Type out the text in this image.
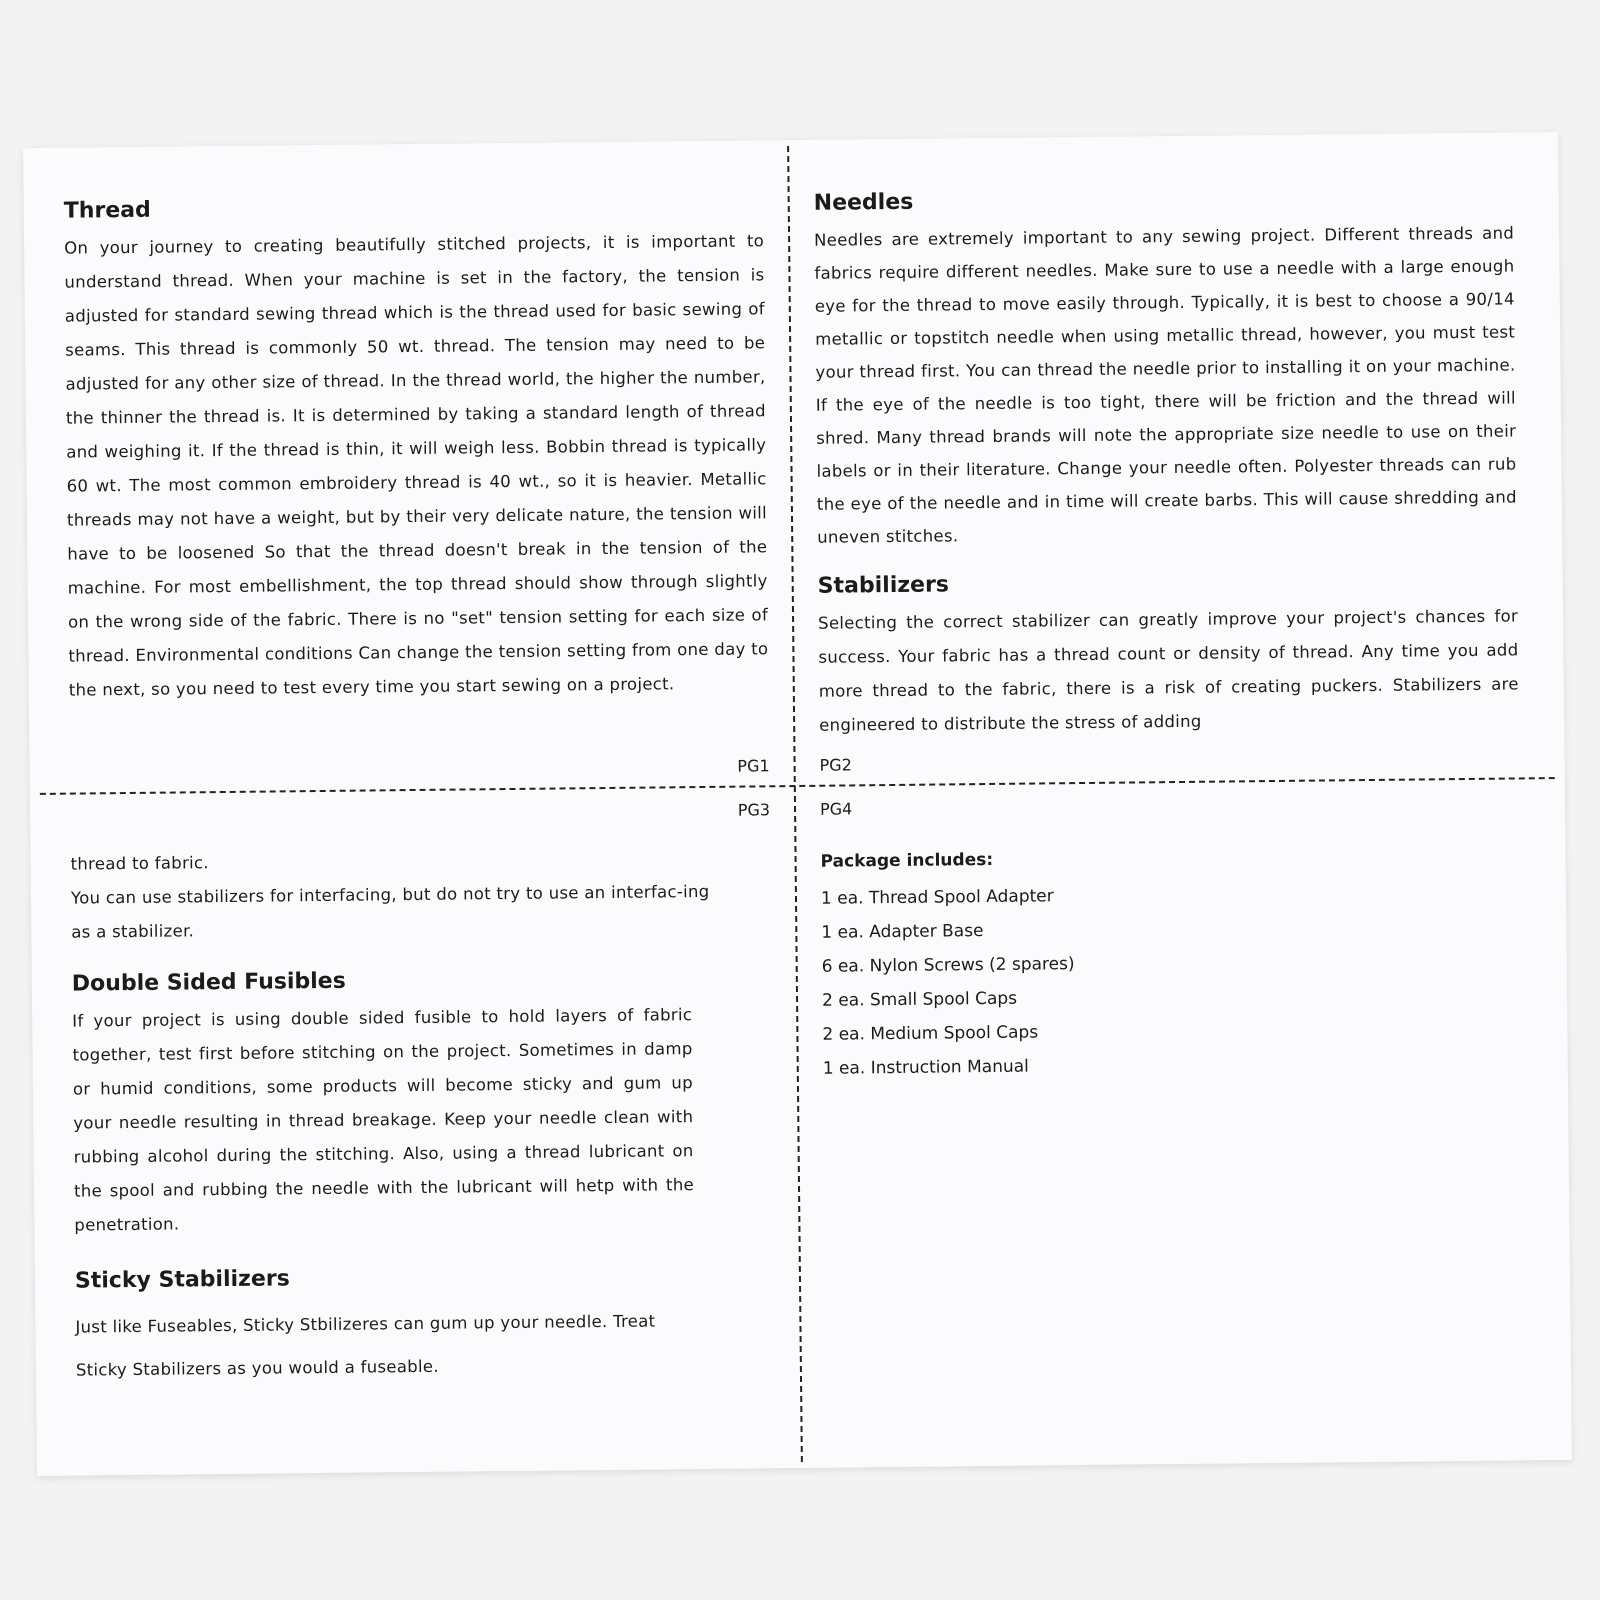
Thread

On your journey to creating beautifully stitched projects, it is important to understand thread. When your machine is set in the factory, the tension is adjusted for standard sewing thread which is the thread used for basic sewing of seams. This thread is commonly 50 wt. thread. The tension may need to be adjusted for any other size of thread. In the thread world, the higher the number, the thinner the thread is. It is determined by taking a standard length of thread and weighing it. If the thread is thin, it will weigh less. Bobbin thread is typically 60 wt. The most common embroidery thread is 40 wt., so it is heavier. Metallic threads may not have a weight, but by their very delicate nature, the tension will have to be loosened So that the thread doesn't break in the tension of the machine. For most embellishment, the top thread should show through slightly on the wrong side of the fabric. There is no "set" tension setting for each size of thread. Environmental conditions Can change the tension setting from one day to the next, so you need to test every time you start sewing on a project.

PG1
Needles

Needles are extremely important to any sewing project. Different threads and fabrics require different needles. Make sure to use a needle with a large enough eye for the thread to move easily through. Typically, it is best to choose a 90/14 metallic or topstitch needle when using metallic thread, however, you must test your thread first. You can thread the needle prior to installing it on your machine. If the eye of the needle is too tight, there will be friction and the thread will shred. Many thread brands will note the appropriate size needle to use on their labels or in their literature. Change your needle often. Polyester threads can rub the eye of the needle and in time will create barbs. This will cause shredding and uneven stitches.

Stabilizers

Selecting the correct stabilizer can greatly improve your project's chances for success. Your fabric has a thread count or density of thread. Any time you add more thread to the fabric, there is a risk of creating puckers. Stabilizers are engineered to distribute the stress of adding

PG2
PG3

thread to fabric.

You can use stabilizers for interfacing, but do not try to use an interfac-ing as a stabilizer.

Double Sided Fusibles

If your project is using double sided fusible to hold layers of fabric together, test first before stitching on the project. Sometimes in damp or humid conditions, some products will become sticky and gum up your needle resulting in thread breakage. Keep your needle clean with rubbing alcohol during the stitching. Also, using a thread lubricant on the spool and rubbing the needle with the lubricant will hetp with the penetration.

Sticky Stabilizers

Just like Fuseables, Sticky Stbilizeres can gum up your needle. Treat

Sticky Stabilizers as you would a fuseable.

PG4
Package includes:
1 ea. Thread Spool Adapter
1 ea. Adapter Base
6 ea. Nylon Screws (2 spares)
2 ea. Small Spool Caps
2 ea. Medium Spool Caps
1 ea. Instruction Manual
